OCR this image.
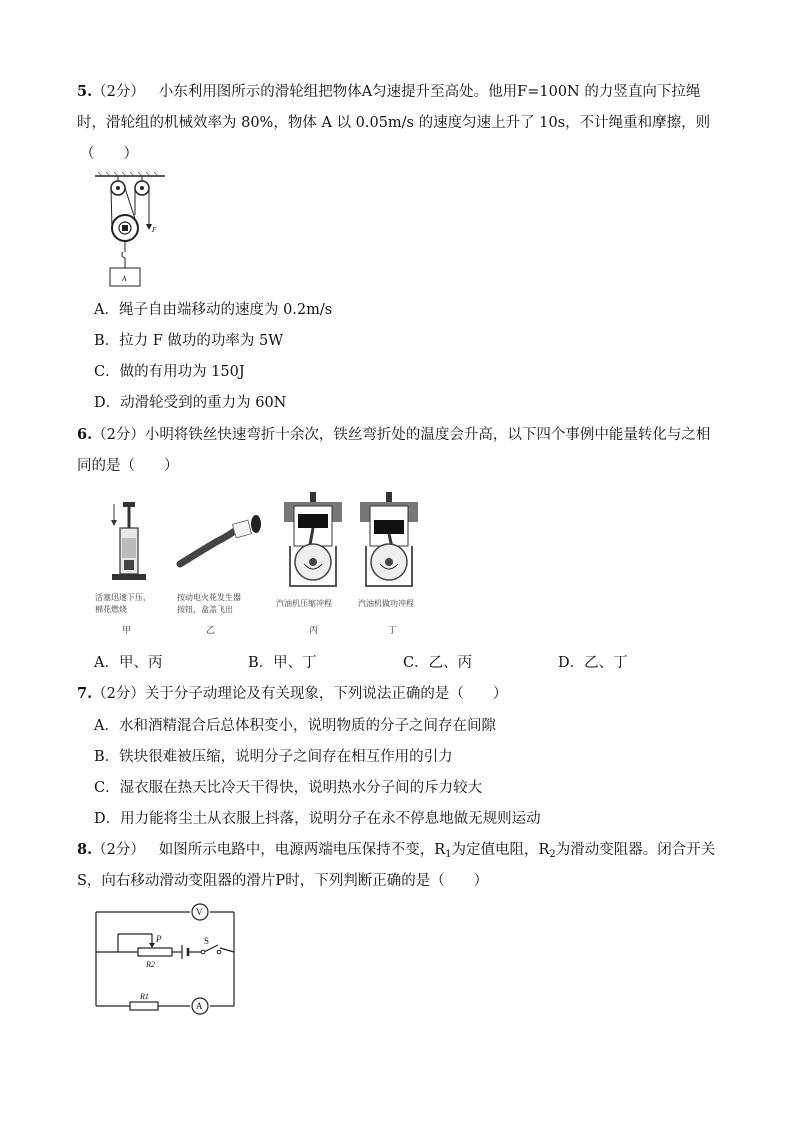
5.（2分） 小东利用图所示的滑轮组把物体A匀速提升至高处。他用F=100N 的力竖直向下拉绳
时，滑轮组的机械效率为 80%，物体 A 以 0.05m/s 的速度匀速上升了 10s，不计绳重和摩擦，则
（　　）
F
A
A．绳子自由端移动的速度为 0.2m/s
B．拉力 F 做功的功率为 5W
C．做的有用功为 150J
D．动滑轮受到的重力为 60N
6.（2分）小明将铁丝快速弯折十余次，铁丝弯折处的温度会升高，以下四个事例中能量转化与之相
同的是（　　）
活塞迅速下压，
棉花燃烧
按动电火花发生器
按钮，盒盖飞出
汽油机压缩冲程	汽油机做功冲程
甲	乙	丙	丁
A．甲、丙	B．甲、丁	C．乙、丙	D．乙、丁
7.（2分）关于分子动理论及有关现象，下列说法正确的是（　　）
A．水和酒精混合后总体积变小，说明物质的分子之间存在间隙
B．铁块很难被压缩，说明分子之间存在相互作用的引力
C．湿衣服在热天比冷天干得快，说明热水分子间的斥力较大
D．用力能将尘土从衣服上抖落，说明分子在永不停息地做无规则运动
8.（2分） 如图所示电路中，电源两端电压保持不变，$R_1$为定值电阻，$R_2$为滑动变阻器。闭合开关
S，向右移动滑动变阻器的滑片P时，下列判断正确的是（　　）
V
A
P	S
R2
R1
